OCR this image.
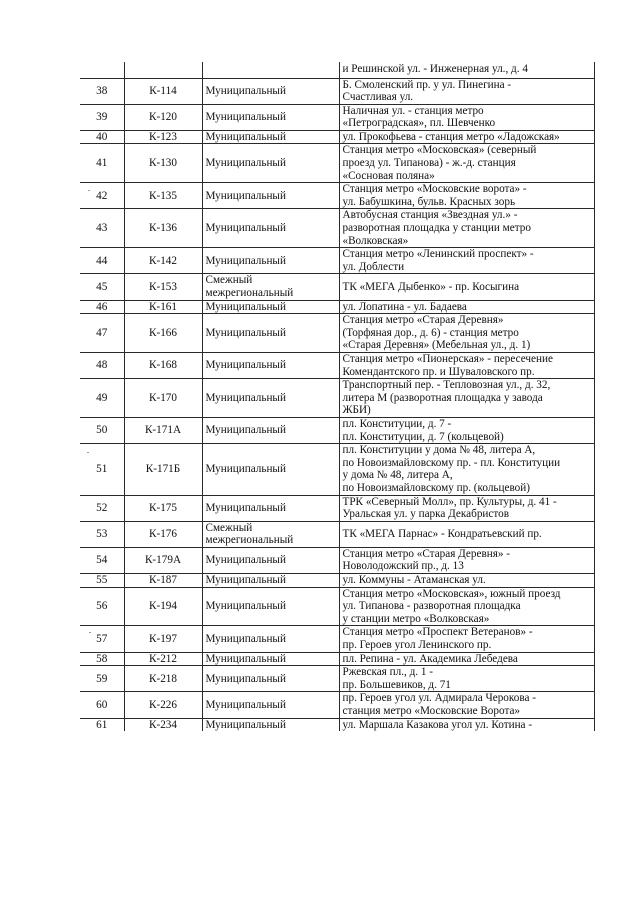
			и Решинской ул. - Инженерная ул., д. 4

38	К-114	Муниципальный	Б. Смоленский пр. у ул. Пинегина -
Счастливая ул.

39	К-120	Муниципальный	Наличная ул. - станция метро
«Петроградская», пл. Шевченко

40	К-123	Муниципальный	ул. Прокофьева - станция метро «Ладожская»

41	К-130	Муниципальный	Станция метро «Московская» (северный
проезд ул. Типанова) - ж.-д. станция
«Сосновая поляна»

42	К-135	Муниципальный	Станция метро «Московские ворота» -
ул. Бабушкина, бульв. Красных зорь

43	К-136	Муниципальный	Автобусная станция «Звездная ул.» -
разворотная площадка у станции метро
«Волковская»

44	К-142	Муниципальный	Станция метро «Ленинский проспект» -
ул. Доблести

45	К-153	Смежный
межрегиональный	ТК «МЕГА Дыбенко» - пр. Косыгина

46	К-161	Муниципальный	ул. Лопатина - ул. Бадаева

47	К-166	Муниципальный	Станция метро «Старая Деревня»
(Торфяная дор., д. 6) - станция метро
«Старая Деревня» (Мебельная ул., д. 1)

48	К-168	Муниципальный	Станция метро «Пионерская» - пересечение
Комендантского пр. и Шуваловского пр.

49	К-170	Муниципальный	Транспортный пер. - Тепловозная ул., д. 32,
литера М (разворотная площадка у завода
ЖБИ)

50	К-171А	Муниципальный	пл. Конституции, д. 7 -
пл. Конституции, д. 7 (кольцевой)

51	К-171Б	Муниципальный	пл. Конституции у дома № 48, литера А,
по Новоизмайловскому пр. - пл. Конституции
у дома № 48, литера А,
по Новоизмайловскому пр. (кольцевой)

52	К-175	Муниципальный	ТРК «Северный Молл», пр. Культуры, д. 41 -
Уральская ул. у парка Декабристов

53	К-176	Смежный
межрегиональный	ТК «МЕГА Парнас» - Кондратьевский пр.

54	К-179А	Муниципальный	Станция метро «Старая Деревня» -
Новолодожский пр., д. 13

55	К-187	Муниципальный	ул. Коммуны - Атаманская ул.

56	К-194	Муниципальный	Станция метро «Московская», южный проезд
ул. Типанова - разворотная площадка
у станции метро «Волковская»

57	К-197	Муниципальный	Станция метро «Проспект Ветеранов» -
пр. Героев угол Ленинского пр.

58	К-212	Муниципальный	пл. Репина - ул. Академика Лебедева

59	К-218	Муниципальный	Ржевская пл., д. 1 -
пр. Большевиков, д. 71

60	К-226	Муниципальный	пр. Героев угол ул. Адмирала Черокова -
станция метро «Московские Ворота»

61	К-234	Муниципальный	ул. Маршала Казакова угол ул. Котина -
